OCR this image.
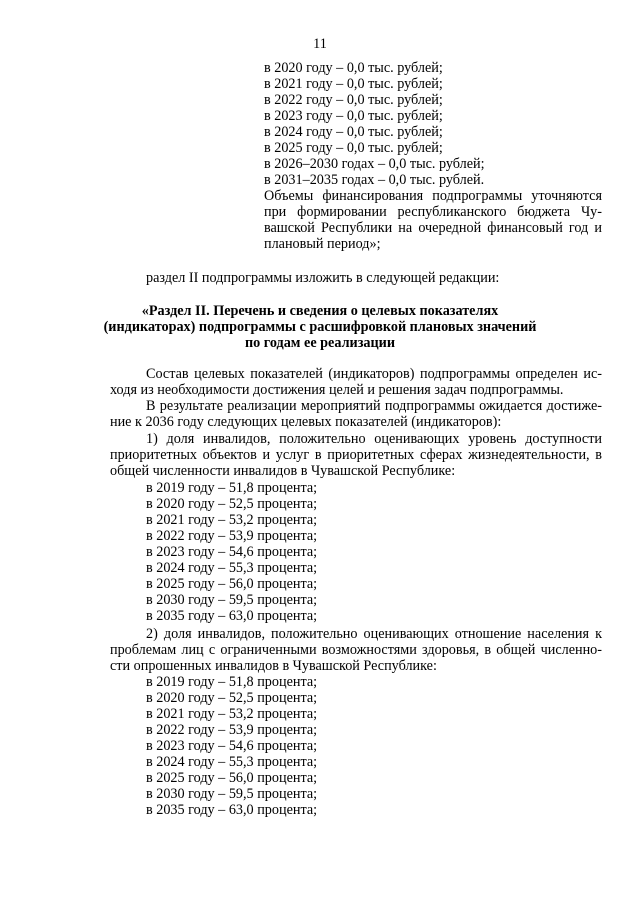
11
в 2020 году – 0,0 тыс. рублей;
в 2021 году – 0,0 тыс. рублей;
в 2022 году – 0,0 тыс. рублей;
в 2023 году – 0,0 тыс. рублей;
в 2024 году – 0,0 тыс. рублей;
в 2025 году – 0,0 тыс. рублей;
в 2026–2030 годах – 0,0 тыс. рублей;
в 2031–2035 годах – 0,0 тыс. рублей.
Объемы финансирования подпрограммы уточняются
при формировании республиканского бюджета Чу-
вашской Республики на очередной финансовый год и
плановый период»;
раздел II подпрограммы изложить в следующей редакции:
«Раздел II. Перечень и сведения о целевых показателях
(индикаторах) подпрограммы с расшифровкой плановых значений
по годам ее реализации
Состав целевых показателей (индикаторов) подпрограммы определен ис-
ходя из необходимости достижения целей и решения задач подпрограммы.
В результате реализации мероприятий подпрограммы ожидается достиже-
ние к 2036 году следующих целевых показателей (индикаторов):
1) доля инвалидов, положительно оценивающих уровень доступности
приоритетных объектов и услуг в приоритетных сферах жизнедеятельности, в
общей численности инвалидов в Чувашской Республике:
в 2019 году – 51,8 процента;
в 2020 году – 52,5 процента;
в 2021 году – 53,2 процента;
в 2022 году – 53,9 процента;
в 2023 году – 54,6 процента;
в 2024 году – 55,3 процента;
в 2025 году – 56,0 процента;
в 2030 году – 59,5 процента;
в 2035 году – 63,0 процента;
2) доля инвалидов, положительно оценивающих отношение населения к
проблемам лиц с ограниченными возможностями здоровья, в общей численно-
сти опрошенных инвалидов в Чувашской Республике:
в 2019 году – 51,8 процента;
в 2020 году – 52,5 процента;
в 2021 году – 53,2 процента;
в 2022 году – 53,9 процента;
в 2023 году – 54,6 процента;
в 2024 году – 55,3 процента;
в 2025 году – 56,0 процента;
в 2030 году – 59,5 процента;
в 2035 году – 63,0 процента;
